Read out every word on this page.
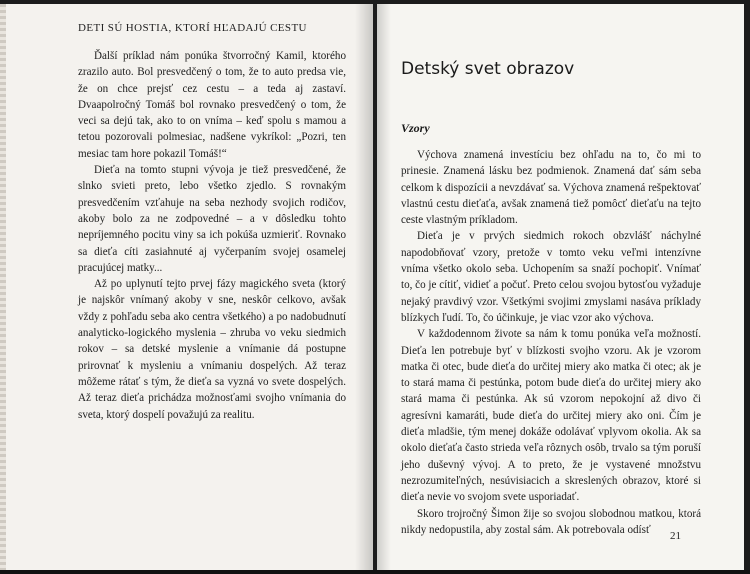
DETI SÚ HOSTIA, KTORÍ HĽADAJÚ CESTU

Ďalší príklad nám ponúka štvorročný Kamil, ktorého zrazilo auto. Bol presvedčený o tom, že to auto predsa vie, že on chce prejsť cez cestu – a teda aj zastaví. Dvaapolročný Tomáš bol rovnako presvedčený o tom, že veci sa dejú tak, ako to on vníma – keď spolu s mamou a tetou pozorovali polmesiac, nadšene vykríkol: „Pozri, ten mesiac tam hore pokazil Tomáš!“

Dieťa na tomto stupni vývoja je tiež presvedčené, že slnko svieti preto, lebo všetko zjedlo. S rovnakým presvedčením vzťahuje na seba nezhody svojich rodičov, akoby bolo za ne zodpovedné – a v dôsledku tohto nepríjemného pocitu viny sa ich pokúša uzmieriť. Rovnako sa dieťa cíti zasiahnuté aj vyčerpaním svojej osamelej pracujúcej matky...

Až po uplynutí tejto prvej fázy magického sveta (ktorý je najskôr vnímaný akoby v sne, neskôr celkovo, avšak vždy z pohľadu seba ako centra všetkého) a po nadobudnutí analyticko-logického myslenia – zhruba vo veku siedmich rokov – sa detské myslenie a vnímanie dá postupne prirovnať k mysleniu a vnímaniu dospelých. Až teraz môžeme rátať s tým, že dieťa sa vyzná vo svete dospelých. Až teraz dieťa prichádza možnosťami svojho vnímania do sveta, ktorý dospelí považujú za realitu.

Detský svet obrazov
Vzory

Výchova znamená investíciu bez ohľadu na to, čo mi to prinesie. Znamená lásku bez podmienok. Znamená dať sám seba celkom k dispozícii a nevzdávať sa. Výchova znamená rešpektovať vlastnú cestu dieťaťa, avšak znamená tiež pomôcť dieťaťu na tejto ceste vlastným príkladom.

Dieťa je v prvých siedmich rokoch obzvlášť náchylné napodobňovať vzory, pretože v tomto veku veľmi intenzívne vníma všetko okolo seba. Uchopením sa snaží pochopiť. Vnímať to, čo je cítiť, vidieť a počuť. Preto celou svojou bytosťou vyžaduje nejaký pravdivý vzor. Všetkými svojimi zmyslami nasáva príklady blízkych ľudí. To, čo účinkuje, je viac vzor ako výchova.

V každodennom živote sa nám k tomu ponúka veľa možností. Dieťa len potrebuje byť v blízkosti svojho vzoru. Ak je vzorom matka či otec, bude dieťa do určitej miery ako matka či otec; ak je to stará mama či pestúnka, potom bude dieťa do určitej miery ako stará mama či pestúnka. Ak sú vzorom nepokojní až divo či agresívni kamaráti, bude dieťa do určitej miery ako oni. Čím je dieťa mladšie, tým menej dokáže odolávať vplyvom okolia. Ak sa okolo dieťaťa často strieda veľa rôznych osôb, trvalo sa tým poruší jeho duševný vývoj. A to preto, že je vystavené množstvu nezrozumiteľných, nesúvisiacich a skreslených obrazov, ktoré si dieťa nevie vo svojom svete usporiadať.

Skoro trojročný Šimon žije so svojou slobodnou matkou, ktorá nikdy nedopustila, aby zostal sám. Ak potrebovala odísť

21
